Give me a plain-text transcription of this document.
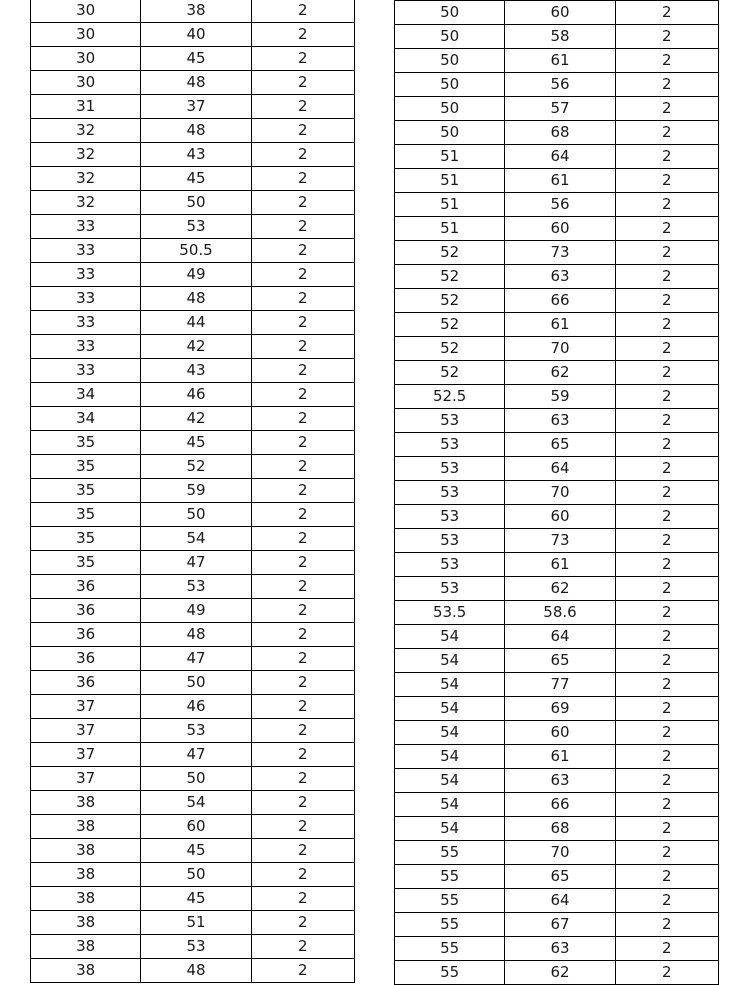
30	38	2
30	40	2
30	45	2
30	48	2
31	37	2
32	48	2
32	43	2
32	45	2
32	50	2
33	53	2
33	50.5	2
33	49	2
33	48	2
33	44	2
33	42	2
33	43	2
34	46	2
34	42	2
35	45	2
35	52	2
35	59	2
35	50	2
35	54	2
35	47	2
36	53	2
36	49	2
36	48	2
36	47	2
36	50	2
37	46	2
37	53	2
37	47	2
37	50	2
38	54	2
38	60	2
38	45	2
38	50	2
38	45	2
38	51	2
38	53	2
38	48	2
50	60	2
50	58	2
50	61	2
50	56	2
50	57	2
50	68	2
51	64	2
51	61	2
51	56	2
51	60	2
52	73	2
52	63	2
52	66	2
52	61	2
52	70	2
52	62	2
52.5	59	2
53	63	2
53	65	2
53	64	2
53	70	2
53	60	2
53	73	2
53	61	2
53	62	2
53.5	58.6	2
54	64	2
54	65	2
54	77	2
54	69	2
54	60	2
54	61	2
54	63	2
54	66	2
54	68	2
55	70	2
55	65	2
55	64	2
55	67	2
55	63	2
55	62	2
